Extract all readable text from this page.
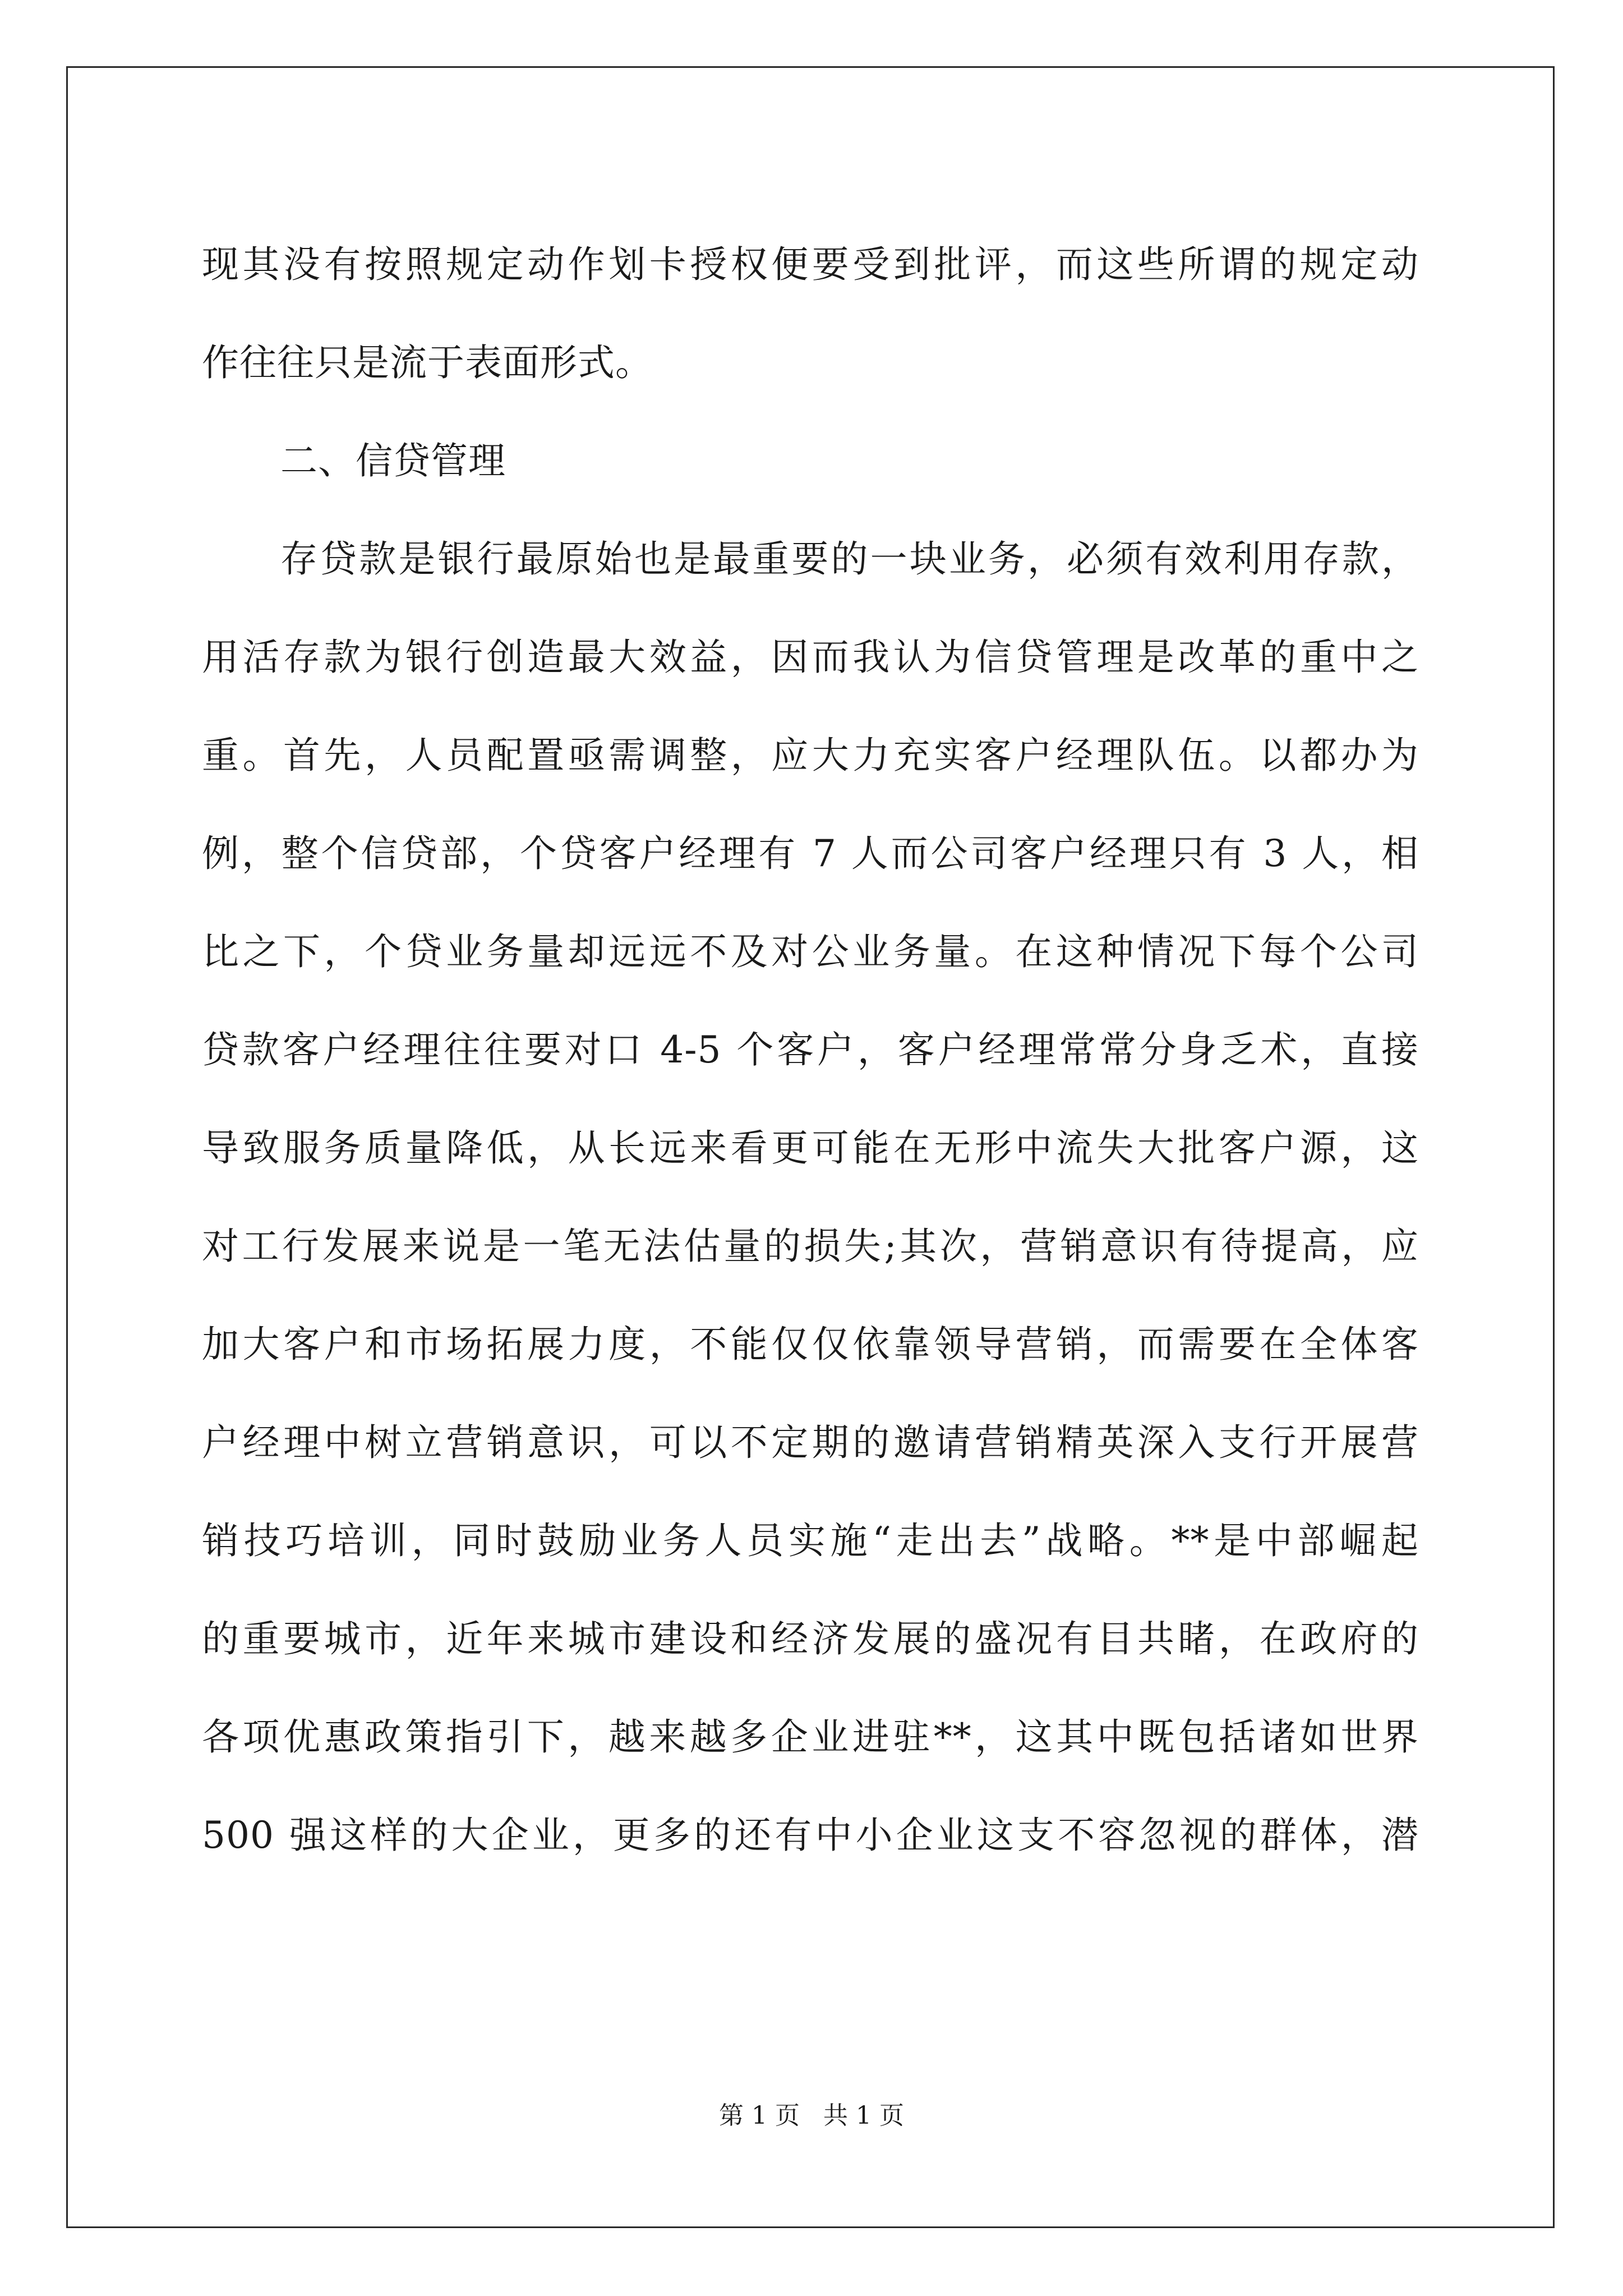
现其没有按照规定动作划卡授权便要受到批评，而这些所谓的规定动
作往往只是流于表面形式。
二、信贷管理
存贷款是银行最原始也是最重要的一块业务，必须有效利用存款，
用活存款为银行创造最大效益，因而我认为信贷管理是改革的重中之
重。首先，人员配置亟需调整，应大力充实客户经理队伍。以都办为
例，整个信贷部，个贷客户经理有 7 人而公司客户经理只有 3 人，相
比之下，个贷业务量却远远不及对公业务量。在这种情况下每个公司
贷款客户经理往往要对口 4-5 个客户，客户经理常常分身乏术，直接
导致服务质量降低，从长远来看更可能在无形中流失大批客户源，这
对工行发展来说是一笔无法估量的损失;其次，营销意识有待提高，应
加大客户和市场拓展力度，不能仅仅依靠领导营销，而需要在全体客
户经理中树立营销意识，可以不定期的邀请营销精英深入支行开展营
销技巧培训，同时鼓励业务人员实施“走出去”战略。**是中部崛起
的重要城市，近年来城市建设和经济发展的盛况有目共睹，在政府的
各项优惠政策指引下，越来越多企业进驻**，这其中既包括诸如世界
500 强这样的大企业，更多的还有中小企业这支不容忽视的群体，潜
第 1 页 共 1 页
